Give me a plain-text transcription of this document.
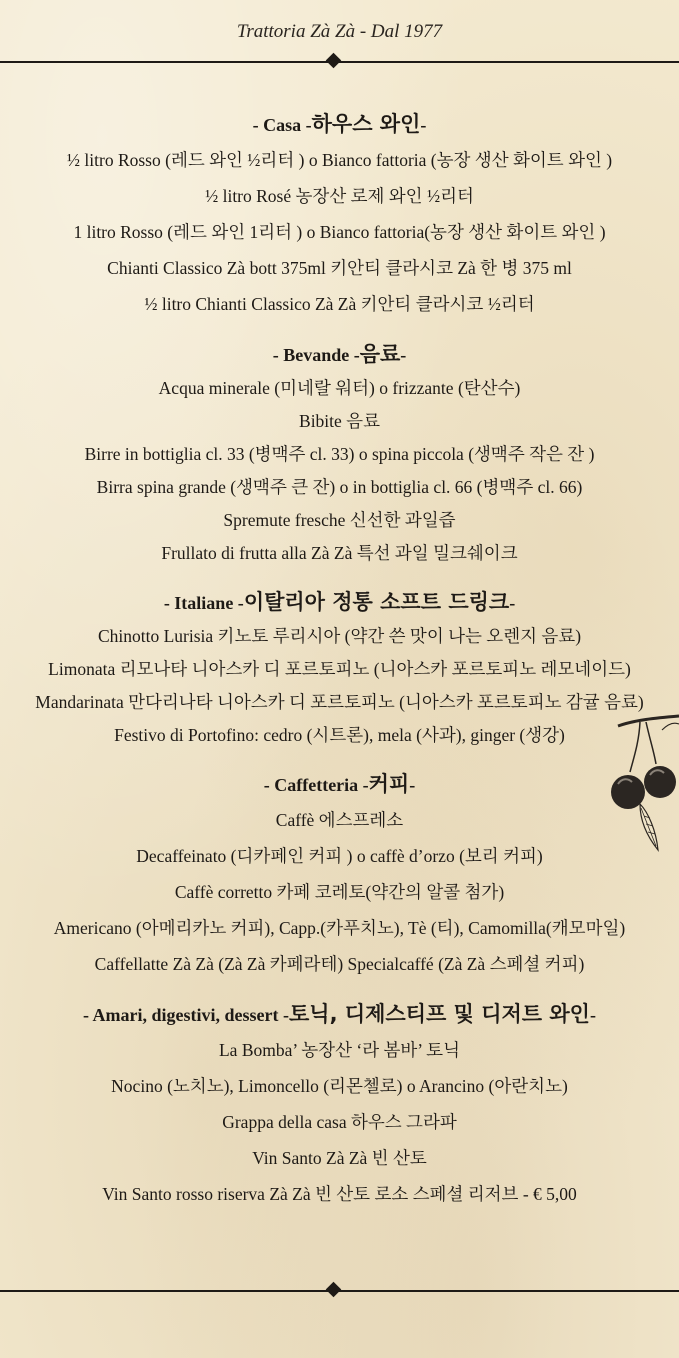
Trattoria Zà Zà - Dal 1977
- Casa -하우스 와인-
½ litro Rosso (레드 와인 ½리터 ) o Bianco fattoria (농장 생산 화이트 와인 )
½ litro Rosé 농장산 로제 와인 ½리터
1 litro Rosso (레드 와인 1리터 ) o Bianco fattoria(농장 생산 화이트 와인 )
Chianti Classico Zà bott 375ml 키안티 클라시코 Zà 한 병 375 ml
½ litro Chianti Classico Zà Zà 키안티 클라시코 ½리터
- Bevande -음료-
Acqua minerale (미네랄 워터) o frizzante (탄산수)
Bibite 음료
Birre in bottiglia cl. 33 (병맥주 cl. 33) o spina piccola (생맥주 작은 잔 )
Birra spina grande (생맥주 큰 잔) o in bottiglia cl. 66 (병맥주 cl. 66)
Spremute fresche 신선한 과일즙
Frullato di frutta alla Zà Zà 특선 과일 밀크쉐이크
- Italiane -이탈리아 정통 소프트 드링크-
Chinotto Lurisia 키노토 루리시아 (약간 쓴 맛이 나는 오렌지 음료)
Limonata 리모나타 니아스카 디 포르토피노 (니아스카 포르토피노 레모네이드)
Mandarinata 만다리나타 니아스카 디 포르토피노 (니아스카 포르토피노 감귤 음료)
Festivo di Portofino: cedro (시트론), mela (사과), ginger (생강)
- Caffetteria -커피-
Caffè 에스프레소
Decaffeinato (디카페인 커피 ) o caffè d’orzo (보리 커피)
Caffè corretto 카페 코레토(약간의 알콜 첨가)
Americano (아메리카노 커피), Capp.(카푸치노), Tè (티), Camomilla(캐모마일)
Caffellatte Zà Zà (Zà Zà 카페라테) Specialcaffé (Zà Zà 스페셜 커피)
- Amari, digestivi, dessert -토닉, 디제스티프 및 디저트 와인-
La Bomba’ 농장산 ‘라 봄바’ 토닉
Nocino (노치노), Limoncello (리몬첼로) o Arancino (아란치노)
Grappa della casa 하우스 그라파
Vin Santo Zà Zà 빈 산토
Vin Santo rosso riserva Zà Zà 빈 산토 로소 스페셜 리저브 - € 5,00
